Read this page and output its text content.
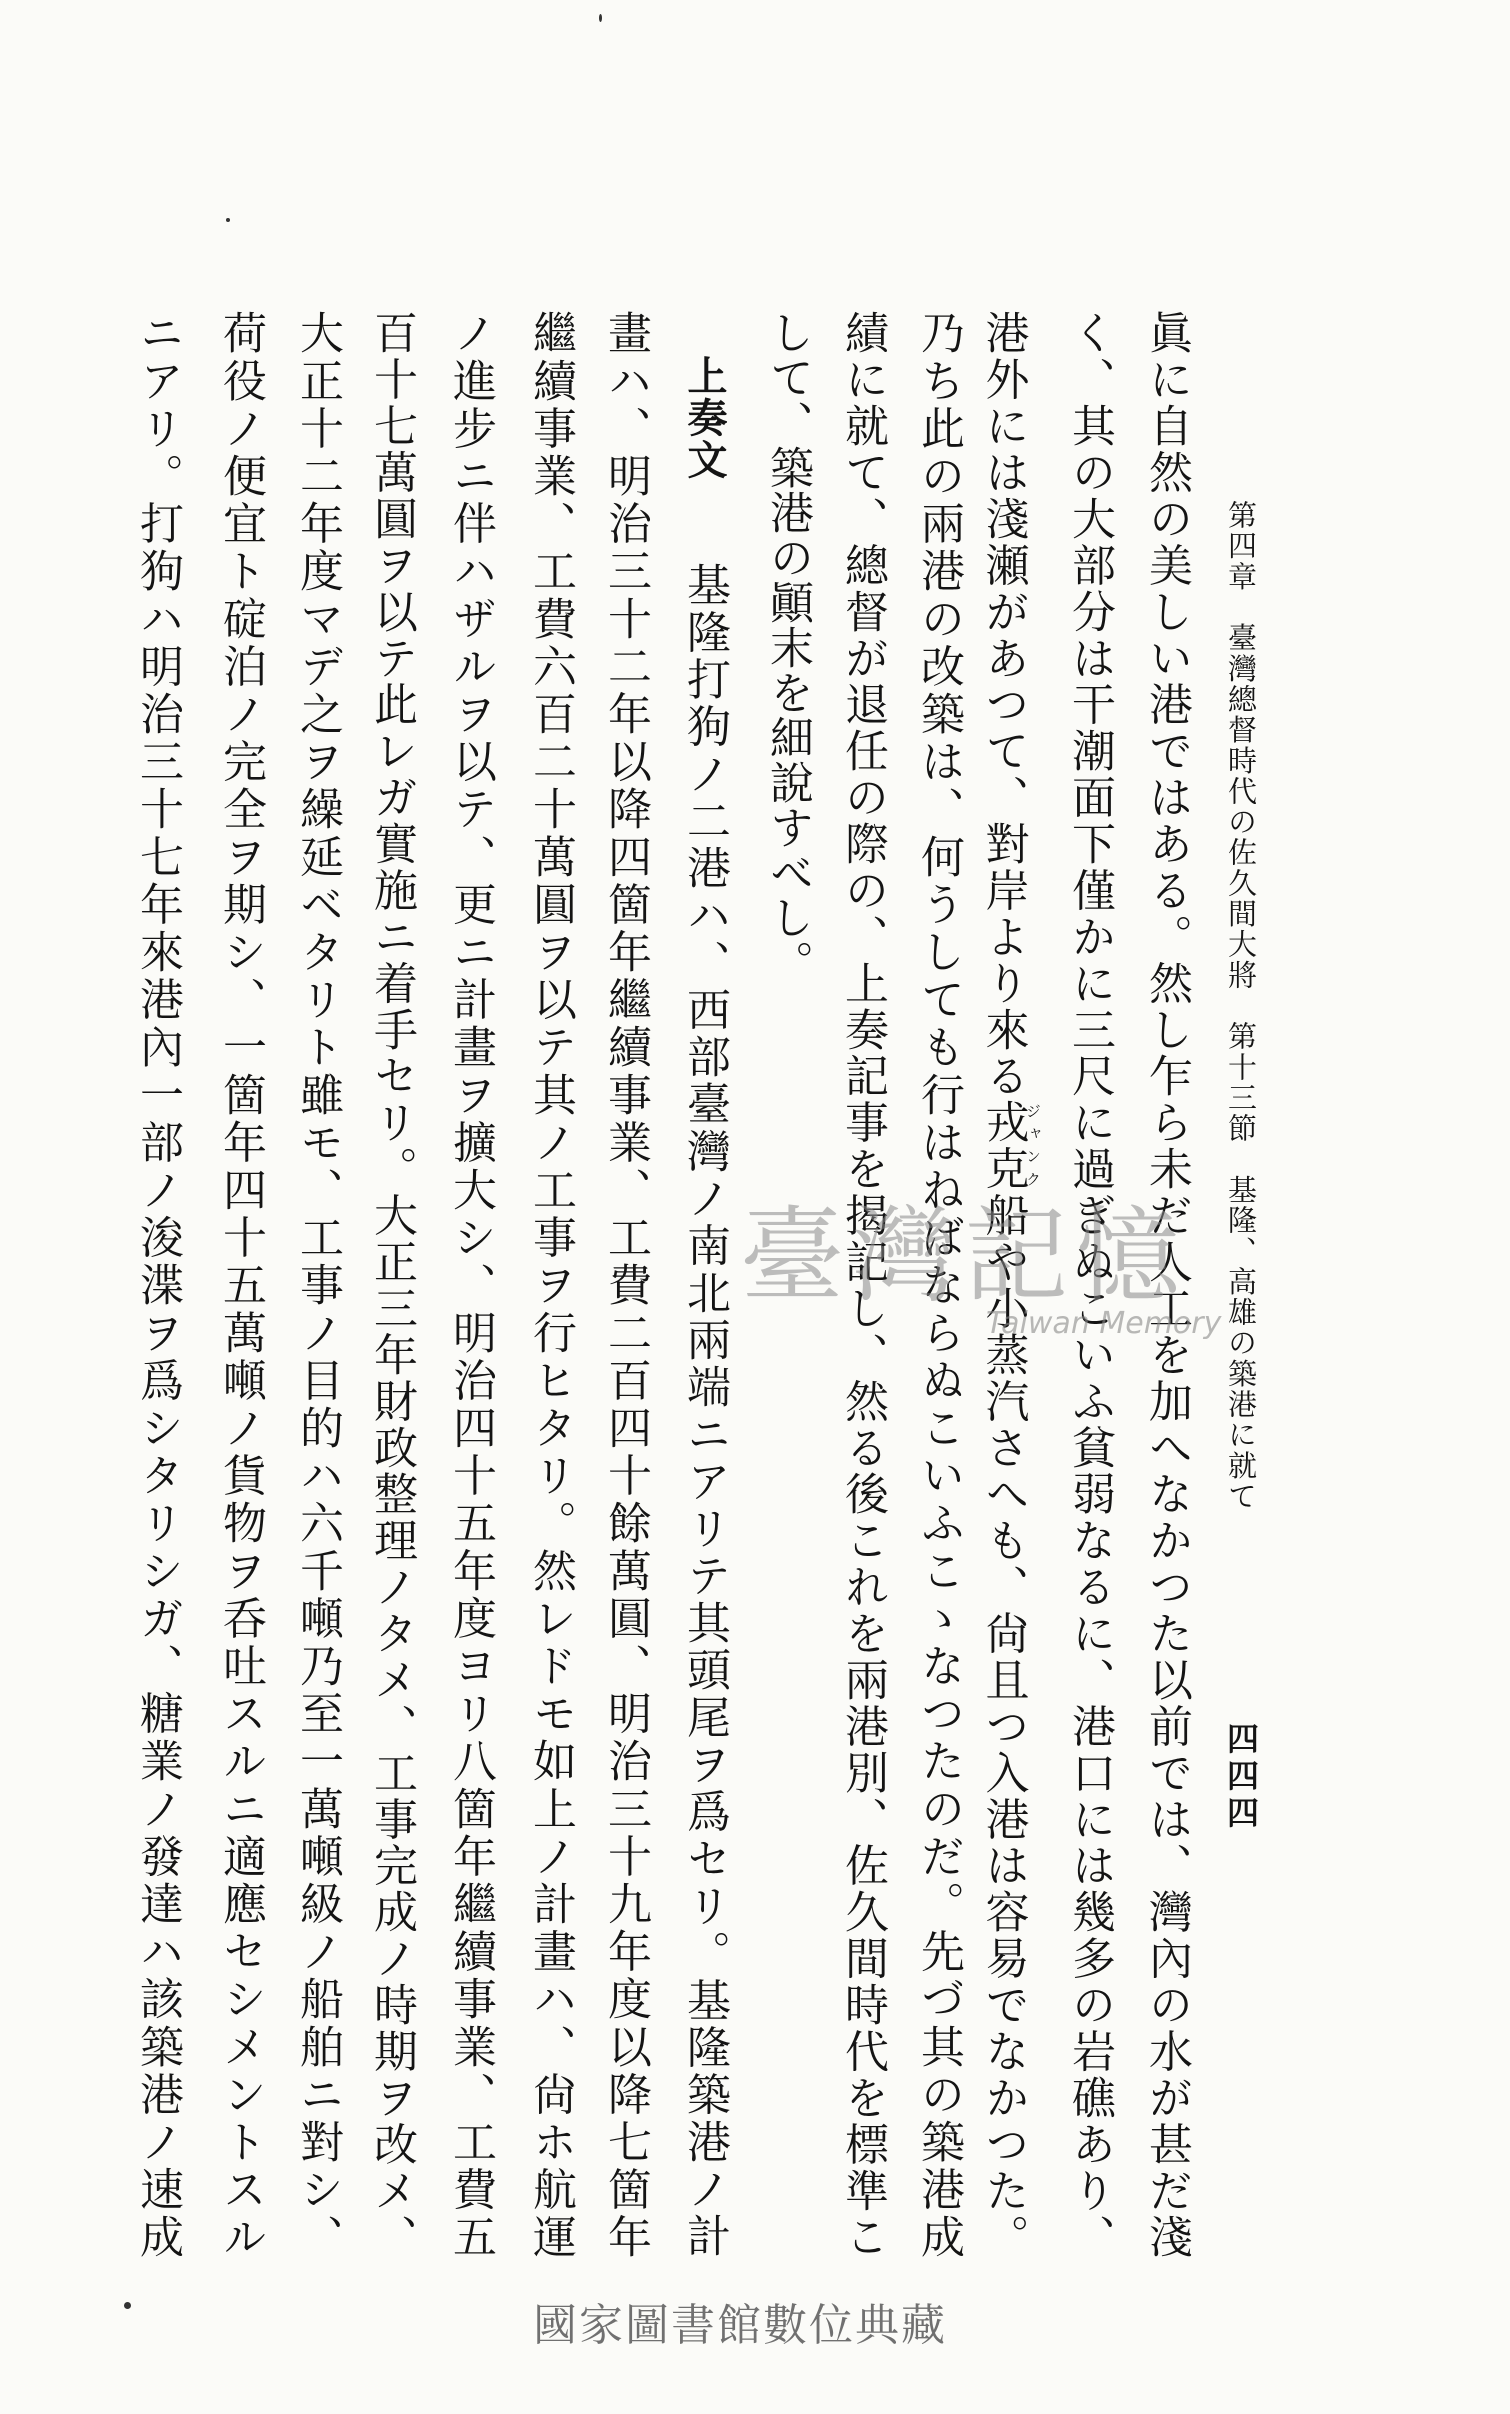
第四章　臺灣總督時代の佐久間大將　第十三節　基隆、高雄の築港に就て
四四四
眞に自然の美しい港ではある。然し乍ら未だ人工を加へなかつた以前では、灣內の水が甚だ淺
く、其の大部分は干潮面下僅かに三尺に過ぎぬこいふ貧弱なるに、港口には幾多の岩礁あり、
港外には淺瀬があつて、對岸より來る戎克ジャンク船や小蒸汽さへも、尙且つ入港は容易でなかつた。
乃ち此の兩港の改築は、何うしても行はねばならぬこいふこゝなつたのだ。先づ其の築港成
績に就て、總督が退任の際の、上奏記事を揭記し、然る後これを兩港別、佐久間時代を標準こ
して、築港の顚末を細說すべし。
上奏文
基隆打狗ノ二港ハ、西部臺灣ノ南北兩端ニアリテ其頭尾ヲ爲セリ。基隆築港ノ計
畫ハ、明治三十二年以降四箇年繼續事業、工費二百四十餘萬圓、明治三十九年度以降七箇年
繼續事業、工費六百二十萬圓ヲ以テ其ノ工事ヲ行ヒタリ。然レドモ如上ノ計畫ハ、尙ホ航運
ノ進步ニ伴ハザルヲ以テ、更ニ計畫ヲ擴大シ、明治四十五年度ヨリ八箇年繼續事業、工費五
百十七萬圓ヲ以テ此レガ實施ニ着手セリ。大正三年財政整理ノタメ、工事完成ノ時期ヲ改メ、
大正十二年度マデ之ヲ繰延ベタリト雖モ、工事ノ目的ハ六千噸乃至一萬噸級ノ船舶ニ對シ、
荷役ノ便宜ト碇泊ノ完全ヲ期シ、一箇年四十五萬噸ノ貨物ヲ呑吐スルニ適應セシメントスル
ニアリ。打狗ハ明治三十七年來港內一部ノ浚渫ヲ爲シタリシガ、糖業ノ發達ハ該築港ノ速成	臺灣記憶
Taiwan Memory
國家圖書館數位典藏
